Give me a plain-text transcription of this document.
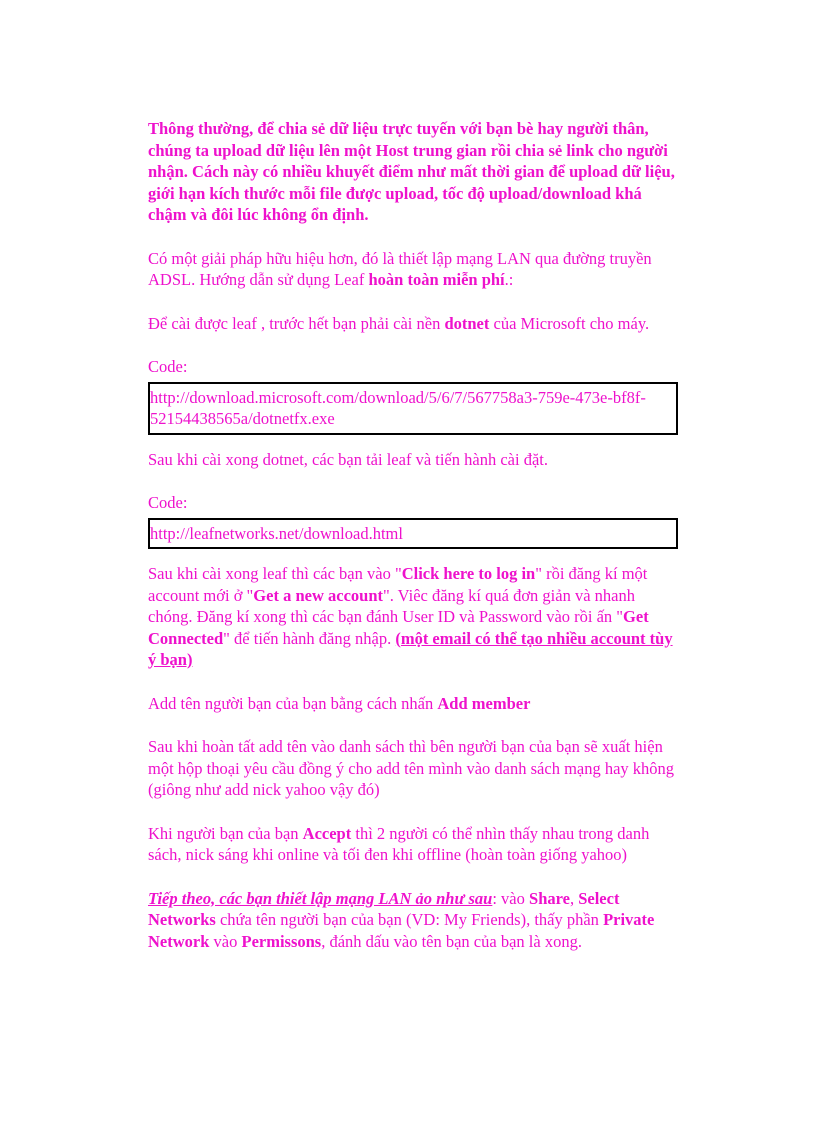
Thông thường, để chia sẻ dữ liệu trực tuyến với bạn bè hay người thân, chúng ta upload dữ liệu lên một Host trung gian rồi chia sẻ link cho người nhận. Cách này có nhiều khuyết điểm như mất thời gian để upload dữ liệu, giới hạn kích thước mỗi file được upload, tốc độ upload/download khá chậm và đôi lúc không ổn định.

Có một giải pháp hữu hiệu hơn, đó là thiết lập mạng LAN qua đường truyền ADSL. Hướng dẫn sử dụng Leaf hoàn toàn miễn phí.:

Để cài được leaf , trước hết bạn phải cài nền dotnet của Microsoft cho máy.

Code:

http://download.microsoft.com/download/5/6/7/567758a3-759e-473e-bf8f-52154438565a/dotnetfx.exe

Sau khi cài xong dotnet, các bạn tải leaf và tiến hành cài đặt.

Code:

http://leafnetworks.net/download.html

Sau khi cài xong leaf thì các bạn vào "Click here to log in" rồi đăng kí một account mới ở "Get a new account". Viêc đăng kí quá đơn giản và nhanh chóng. Đăng kí xong thì các bạn đánh User ID và Password vào rồi ấn "Get Connected" để tiến hành đăng nhập. (một email có thể tạo nhiều account tùy ý bạn)

Add tên người bạn của bạn bằng cách nhấn Add member

Sau khi hoàn tất add tên vào danh sách thì bên người bạn của bạn sẽ xuất hiện một hộp thoại yêu cầu đồng ý cho add tên mình vào danh sách mạng hay không (giông như add nick yahoo vậy đó)

Khi người bạn của bạn Accept thì 2 người có thể nhìn thấy nhau trong danh sách, nick sáng khi online và tối đen khi offline (hoàn toàn giống yahoo)

Tiếp theo, các bạn thiết lập mạng LAN ảo như sau: vào Share, Select Networks chứa tên người bạn của bạn (VD: My Friends), thấy phần Private Network vào Permissons, đánh dấu vào tên bạn của bạn là xong.
